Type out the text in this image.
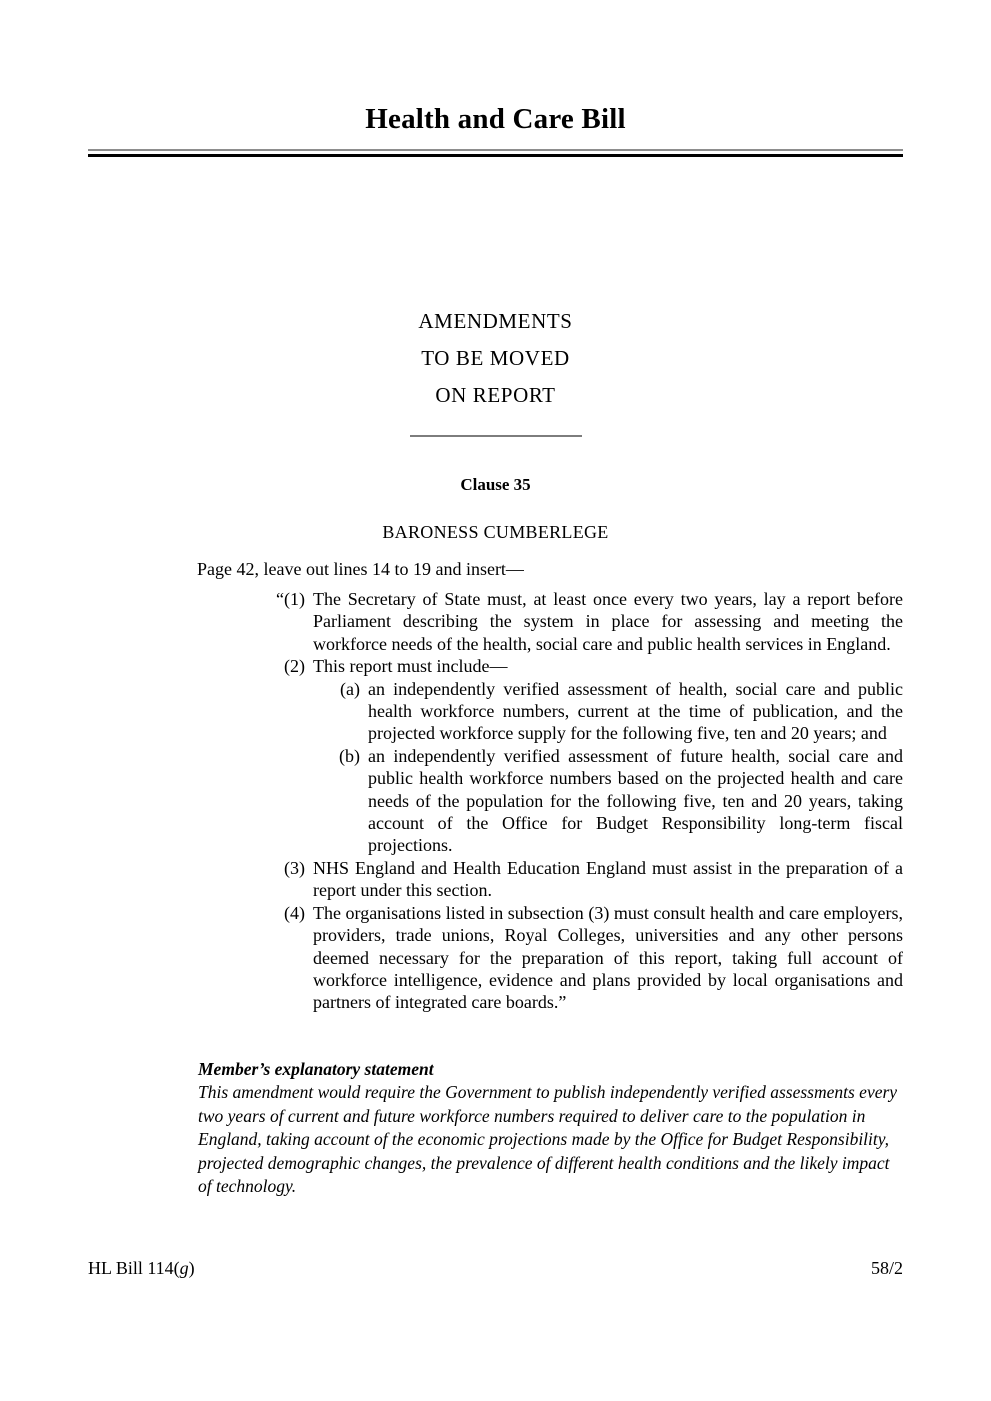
Health and Care Bill
AMENDMENTS
TO BE MOVED
ON REPORT
Clause 35
BARONESS CUMBERLEGE
Page 42, leave out lines 14 to 19 and insert—
“(1) The Secretary of State must, at least once every two years, lay a report before Parliament describing the system in place for assessing and meeting the workforce needs of the health, social care and public health services in England.
(2) This report must include—
(a) an independently verified assessment of health, social care and public health workforce numbers, current at the time of publication, and the projected workforce supply for the following five, ten and 20 years; and
(b) an independently verified assessment of future health, social care and public health workforce numbers based on the projected health and care needs of the population for the following five, ten and 20 years, taking account of the Office for Budget Responsibility long-term fiscal projections.
(3) NHS England and Health Education England must assist in the preparation of a report under this section.
(4) The organisations listed in subsection (3) must consult health and care employers, providers, trade unions, Royal Colleges, universities and any other persons deemed necessary for the preparation of this report, taking full account of workforce intelligence, evidence and plans provided by local organisations and partners of integrated care boards.”
Member’s explanatory statement
This amendment would require the Government to publish independently verified assessments every two years of current and future workforce numbers required to deliver care to the population in England, taking account of the economic projections made by the Office for Budget Responsibility, projected demographic changes, the prevalence of different health conditions and the likely impact of technology.
HL Bill 114(g)	58/2
